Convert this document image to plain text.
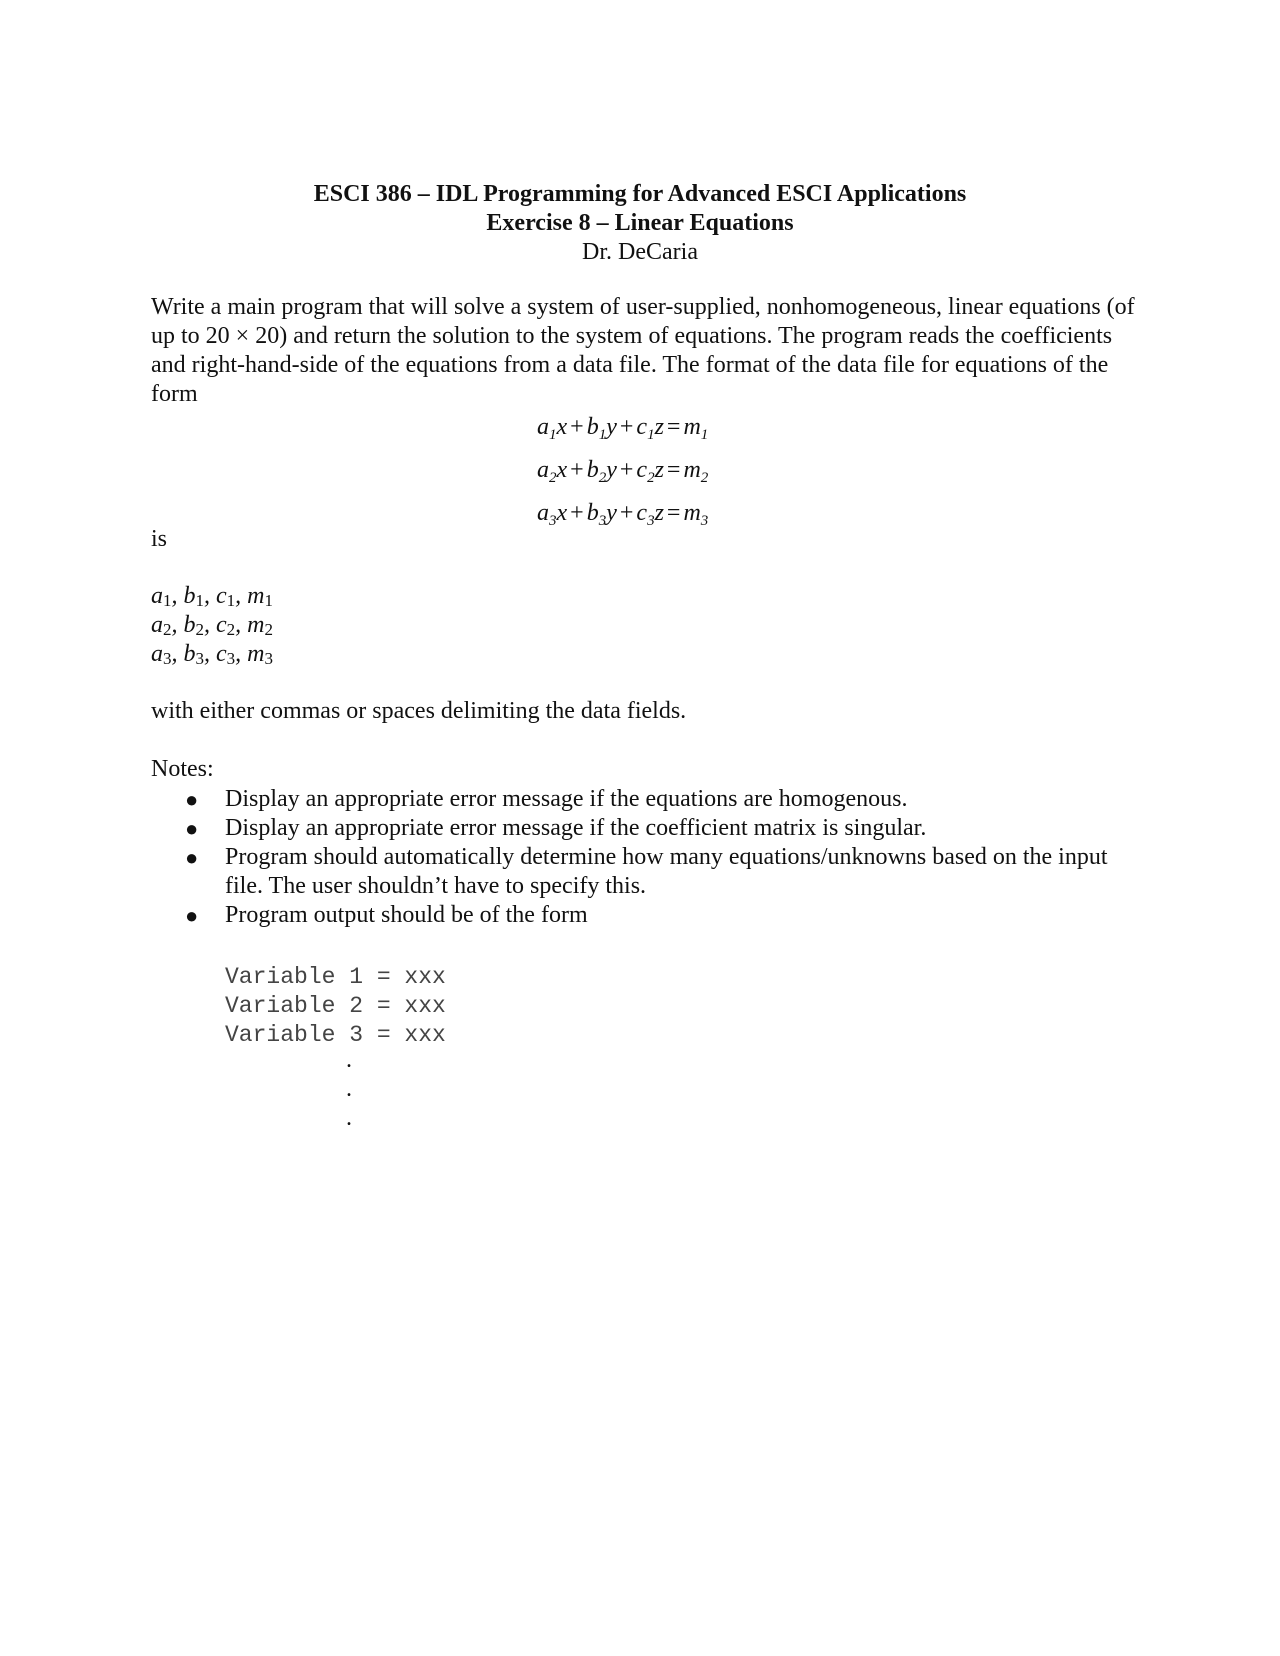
ESCI 386 – IDL Programming for Advanced ESCI Applications
Exercise 8 – Linear Equations
Dr. DeCaria
Write a main program that will solve a system of user-supplied, nonhomogeneous, linear equations (of up to 20 × 20) and return the solution to the system of equations. The program reads the coefficients and right-hand-side of the equations from a data file. The format of the data file for equations of the form
$a_1x + b_1y + c_1z = m_1$
$a_2x + b_2y + c_2z = m_2$
$a_3x + b_3y + c_3z = m_3$
is
$a_1$, $b_1$, $c_1$, $m_1$
$a_2$, $b_2$, $c_2$, $m_2$
$a_3$, $b_3$, $c_3$, $m_3$
with either commas or spaces delimiting the data fields.
Notes:
● Display an appropriate error message if the equations are homogenous.
● Display an appropriate error message if the coefficient matrix is singular.
● Program should automatically determine how many equations/unknowns based on the input file. The user shouldn’t have to specify this.
● Program output should be of the form
Variable 1 = xxx
Variable 2 = xxx
Variable 3 = xxx
.
.
.
